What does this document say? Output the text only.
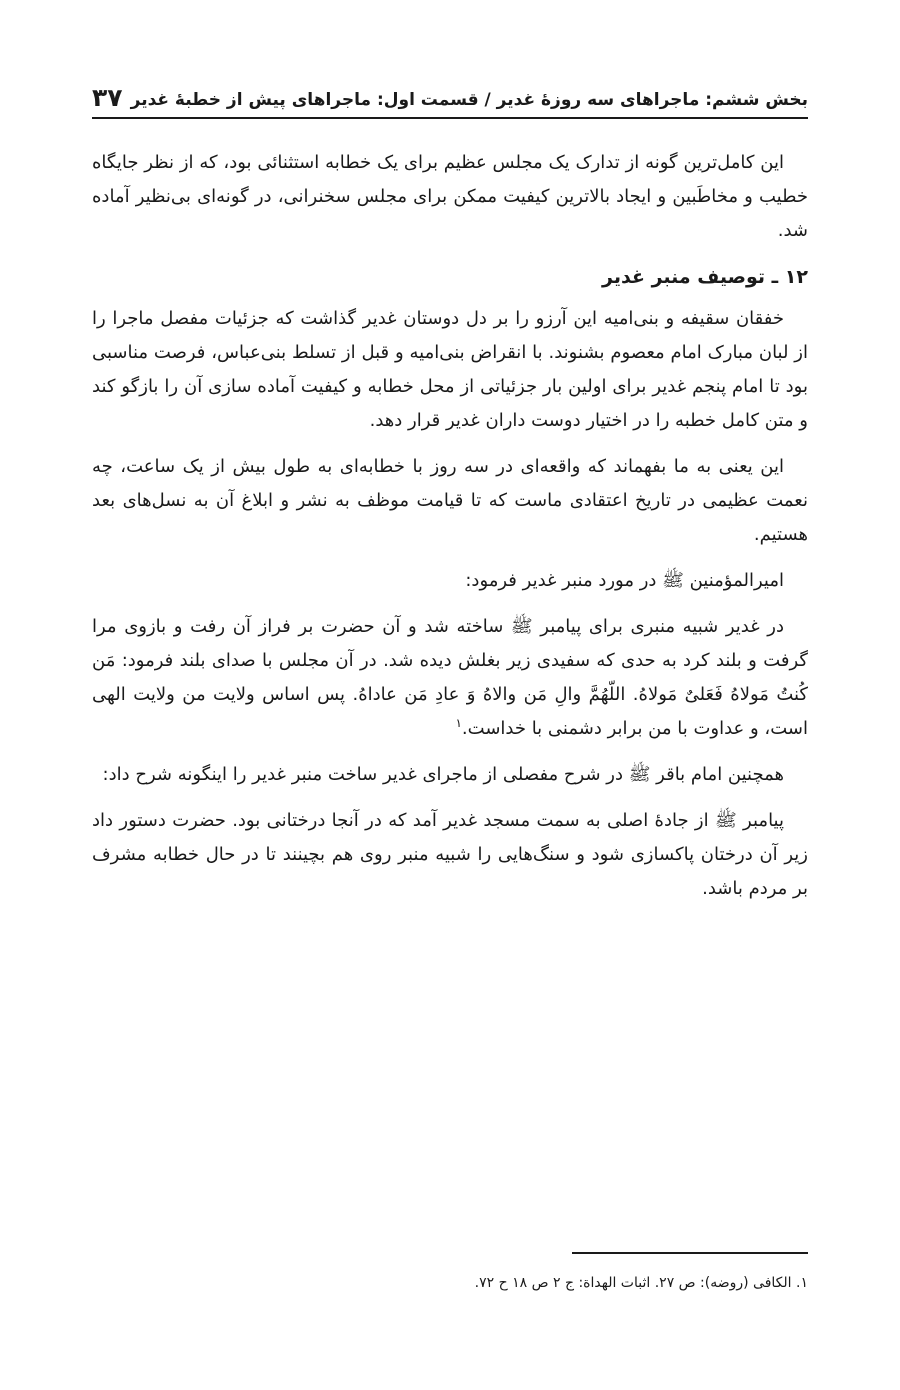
بخش ششم: ماجراهای سه روزۀ غدیر / قسمت اول: ماجراهای پیش از خطبۀ غدیر
۳۷

این کامل‌ترین گونه از تدارک یک مجلس عظیم برای یک خطابه استثنائی بود، که از نظر جایگاه خطیب و مخاطَبین و ایجاد بالاترین کیفیت ممکن برای مجلس سخنرانی، در گونه‌ای بی‌نظیر آماده شد.

۱۲ ـ توصیف منبر غدیر

خفقان سقیفه و بنی‌امیه این آرزو را بر دل دوستان غدیر گذاشت که جزئیات مفصل ماجرا را از لبان مبارک امام معصوم بشنوند. با انقراض بنی‌امیه و قبل از تسلط بنی‌عباس، فرصت مناسبی بود تا امام پنجم غدیر برای اولین بار جزئیاتی از محل خطابه و کیفیت آماده سازی آن را بازگو کند و متن کامل خطبه را در اختیار دوست داران غدیر قرار دهد.

این یعنی به ما بفهماند که واقعه‌ای در سه روز با خطابه‌ای به طول بیش از یک ساعت، چه نعمت عظیمی در تاریخ اعتقادی ماست که تا قیامت موظف به نشر و ابلاغ آن به نسل‌های بعد هستیم.

امیرالمؤمنین ﷺ در مورد منبر غدیر فرمود:

در غدیر شبیه منبری برای پیامبر ﷺ ساخته شد و آن حضرت بر فراز آن رفت و بازوی مرا گرفت و بلند کرد به حدی که سفیدی زیر بغلش دیده شد. در آن مجلس با صدای بلند فرمود: مَن کُنتُ مَولاهُ فَعَلیٌ مَولاهُ. اللّهُمَّ والِ مَن والاهُ وَ عادِ مَن عاداهُ. پس اساس ولایت من ولایت الهی است، و عداوت با من برابر دشمنی با خداست.$^۱$

همچنین امام باقر ﷺ در شرح مفصلی از ماجرای غدیر ساخت منبر غدیر را اینگونه شرح داد:

پیامبر ﷺ از جادۀ اصلی به سمت مسجد غدیر آمد که در آنجا درختانی بود. حضرت دستور داد زیر آن درختان پاکسازی شود و سنگ‌هایی را شبیه منبر روی هم بچینند تا در حال خطابه مشرف بر مردم باشد.

۱. الکافی (روضه): ص ۲۷. اثبات الهداة: ج ۲ ص ۱۸ ح ۷۲.
